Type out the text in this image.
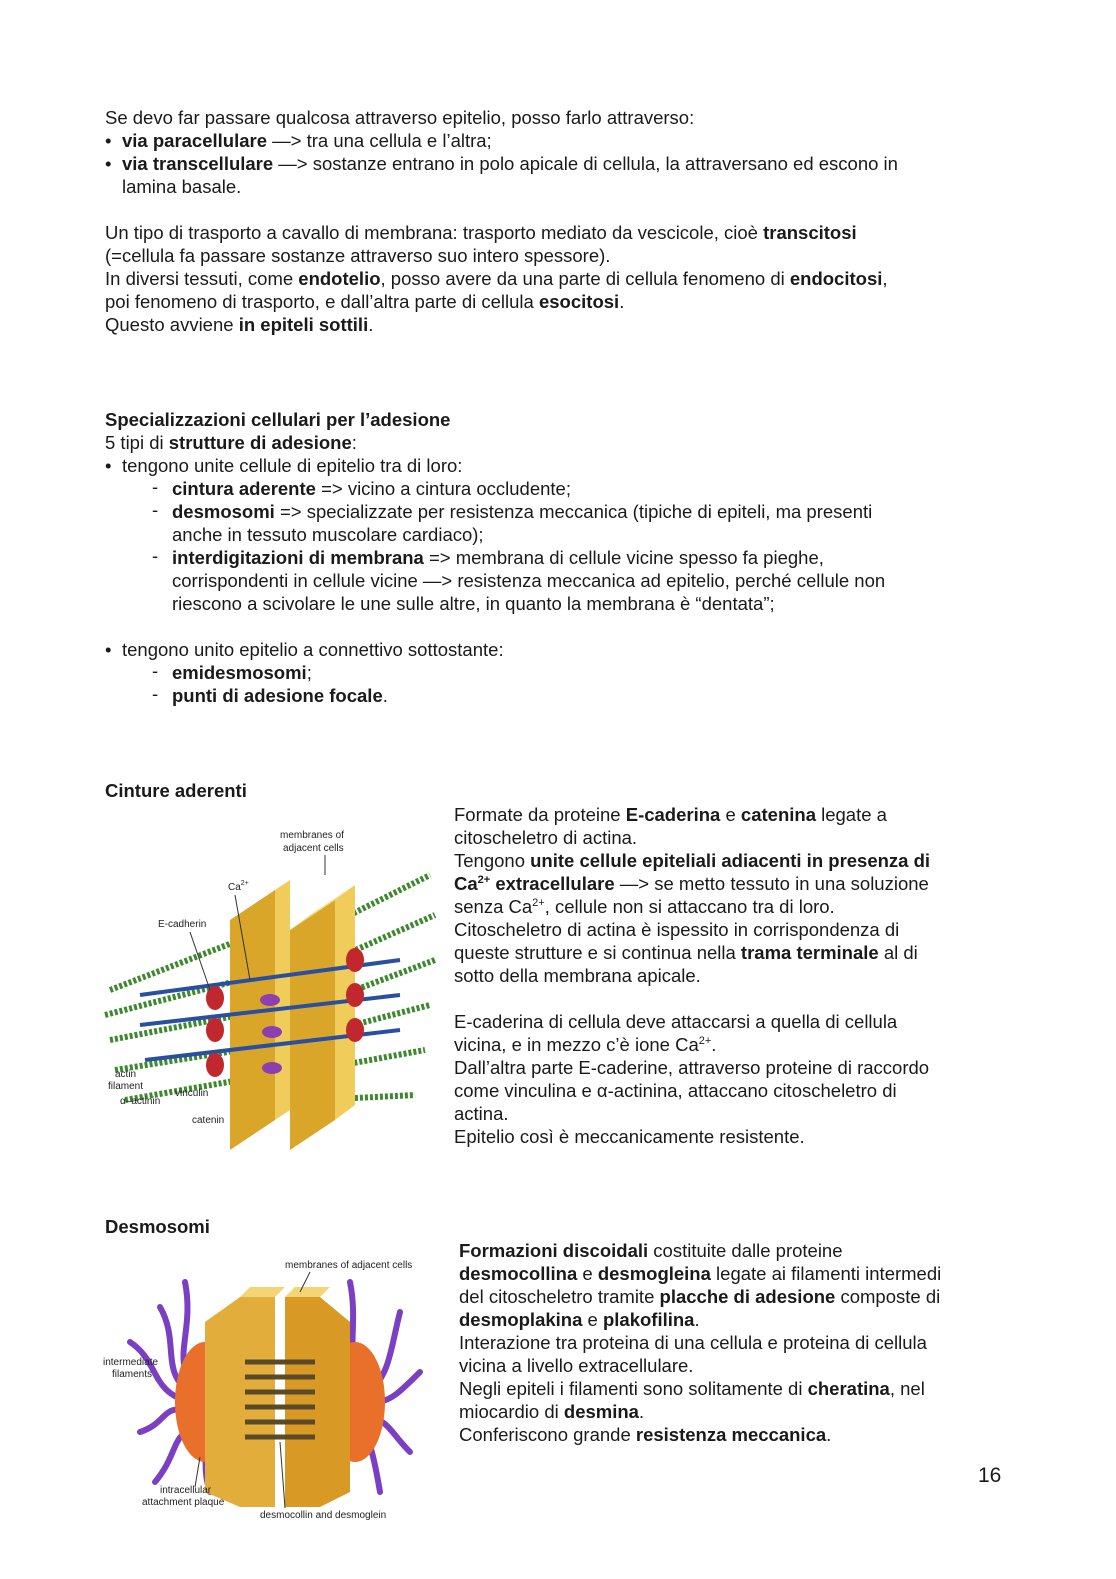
Se devo far passare qualcosa attraverso epitelio, posso farlo attraverso:

• via paracellulare —> tra una cellula e l’altra;

• via transcellulare —> sostanze entrano in polo apicale di cellula, la attraversano ed escono in
lamina basale.

Un tipo di trasporto a cavallo di membrana: trasporto mediato da vescicole, cioè transcitosi
(=cellula fa passare sostanze attraverso suo intero spessore).
In diversi tessuti, come endotelio, posso avere da una parte di cellula fenomeno di endocitosi,
poi fenomeno di trasporto, e dall’altra parte di cellula esocitosi.
Questo avviene in epiteli sottili.

Specializzazioni cellulari per l’adesione

5 tipi di strutture di adesione:

• tengono unite cellule di epitelio tra di loro:

- cintura aderente => vicino a cintura occludente;

- desmosomi => specializzate per resistenza meccanica (tipiche di epiteli, ma presenti
anche in tessuto muscolare cardiaco);

- interdigitazioni di membrana => membrana di cellule vicine spesso fa pieghe,
corrispondenti in cellule vicine —> resistenza meccanica ad epitelio, perché cellule non
riescono a scivolare le une sulle altre, in quanto la membrana è “dentata”;

• tengono unito epitelio a connettivo sottostante:

- emidesmosomi;

- punti di adesione focale.

Cinture aderenti
Formate da proteine E-caderina e catenina legate a
citoscheletro di actina.
Tengono unite cellule epiteliali adiacenti in presenza di
$Ca^{2+}$ extracellulare —> se metto tessuto in una soluzione
senza $Ca^{2+}$, cellule non si attaccano tra di loro.
Citoscheletro di actina è ispessito in corrispondenza di
queste strutture e si continua nella trama terminale al di
sotto della membrana apicale.

E-caderina di cellula deve attaccarsi a quella di cellula
vicina, e in mezzo c’è ione $Ca^{2+}$.
Dall’altra parte E-caderine, attraverso proteine di raccordo
come vinculina e α-actinina, attaccano citoscheletro di
actina.
Epitelio così è meccanicamente resistente.
membranes of
adjacent cells
$Ca^{2+}$
E-cadherin
actin
filament
α–actinin
vinculin
catenin
Desmosomi
Formazioni discoidali costituite dalle proteine
desmocollina e desmogleina legate ai filamenti intermedi
del citoscheletro tramite placche di adesione composte di
desmoplakina e plakofilina.
Interazione tra proteina di una cellula e proteina di cellula
vicina a livello extracellulare.
Negli epiteli i filamenti sono solitamente di cheratina, nel
miocardio di desmina.
Conferiscono grande resistenza meccanica.
membranes of adjacent cells
intermediate
filaments
intracellular
attachment plaque
desmocollin and desmoglein
16
